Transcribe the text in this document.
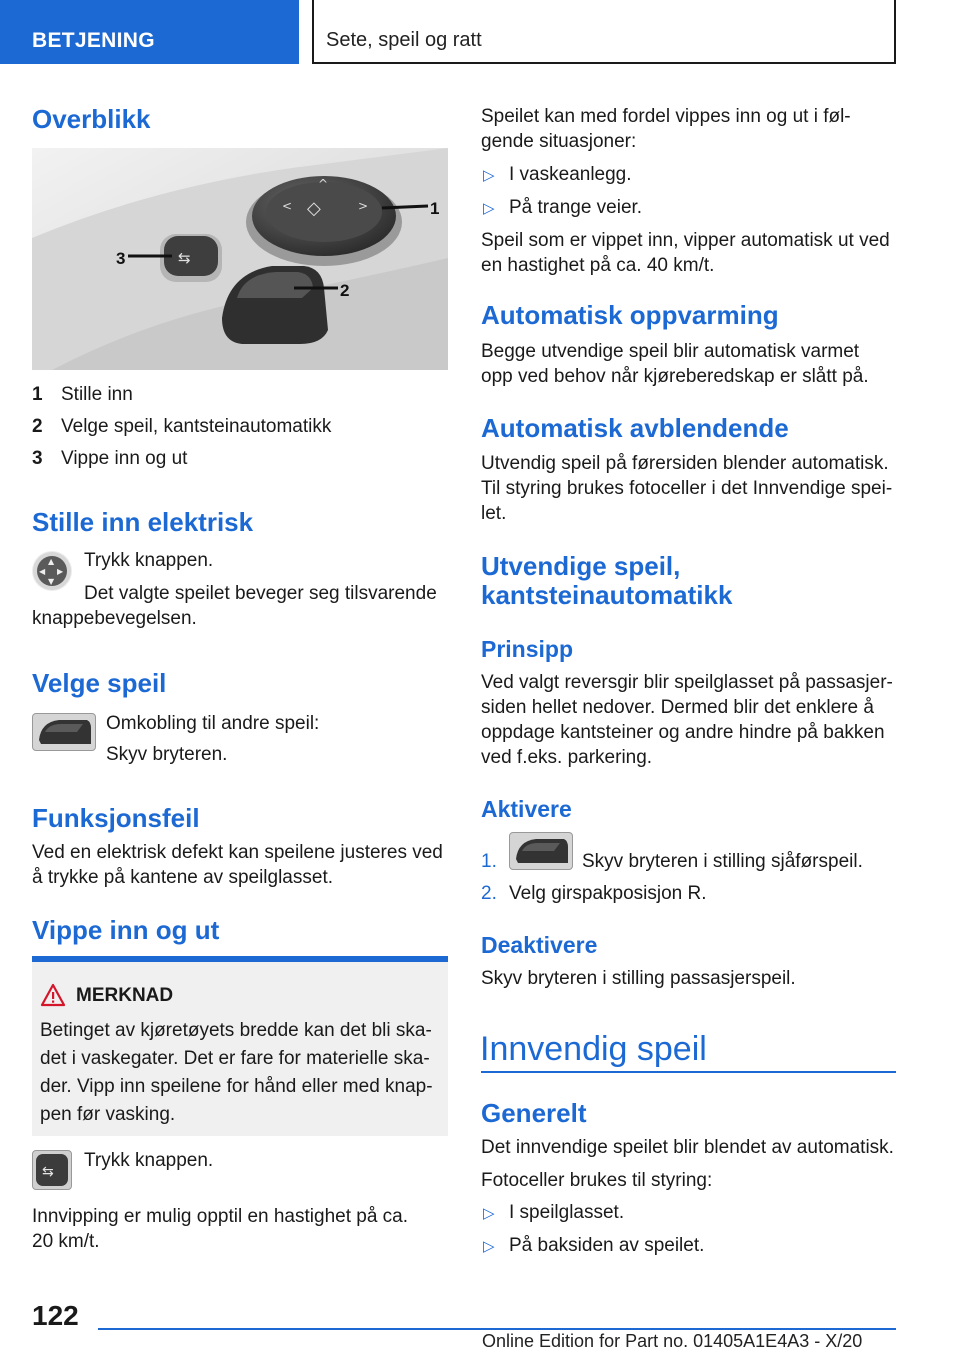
BETJENING	Sete, speil og ratt
Overblikk
◇
^
<	>
⇆
1
2
3
1 Stille inn
2 Velge speil, kantsteinautomatikk
3 Vippe inn og ut
Stille inn elektrisk
▲
▼
◀ ▶
Trykk knappen.
Det valgte speilet beveger seg tilsvarende
knappebevegelsen.
Velge speil
Omkobling til andre speil:
Skyv bryteren.
Funksjonsfeil
Ved en elektrisk defekt kan speilene justeres ved
å trykke på kantene av speilglasset.
Vippe inn og ut
MERKNAD
Betinget av kjøretøyets bredde kan det bli ska-
det i vaskegater. Det er fare for materielle ska-
der. Vipp inn speilene for hånd eller med knap-
pen før vasking.
⇆
Trykk knappen.
Innvipping er mulig opptil en hastighet på ca.
20 km/t.
Speilet kan med fordel vippes inn og ut i føl-
gende situasjoner:
▷ I vaskeanlegg.
▷ På trange veier.
Speil som er vippet inn, vipper automatisk ut ved
en hastighet på ca. 40 km/t.
Automatisk oppvarming
Begge utvendige speil blir automatisk varmet
opp ved behov når kjøreberedskap er slått på.
Automatisk avblendende
Utvendig speil på førersiden blender automatisk.
Til styring brukes fotoceller i det Innvendige spei-
let.
Utvendige speil,
kantsteinautomatikk
Prinsipp
Ved valgt reversgir blir speilglasset på passasjer-
siden hellet nedover. Dermed blir det enklere å
oppdage kantsteiner og andre hindre på bakken
ved f.eks. parkering.
Aktivere
1.	Skyv bryteren i stilling sjåførspeil.
2. Velg girspakposisjon R.
Deaktivere
Skyv bryteren i stilling passasjerspeil.
Innvendig speil
Generelt
Det innvendige speilet blir blendet av automatisk.
Fotoceller brukes til styring:
▷ I speilglasset.
▷ På baksiden av speilet.
122
Online Edition for Part no. 01405A1E4A3 - X/20
